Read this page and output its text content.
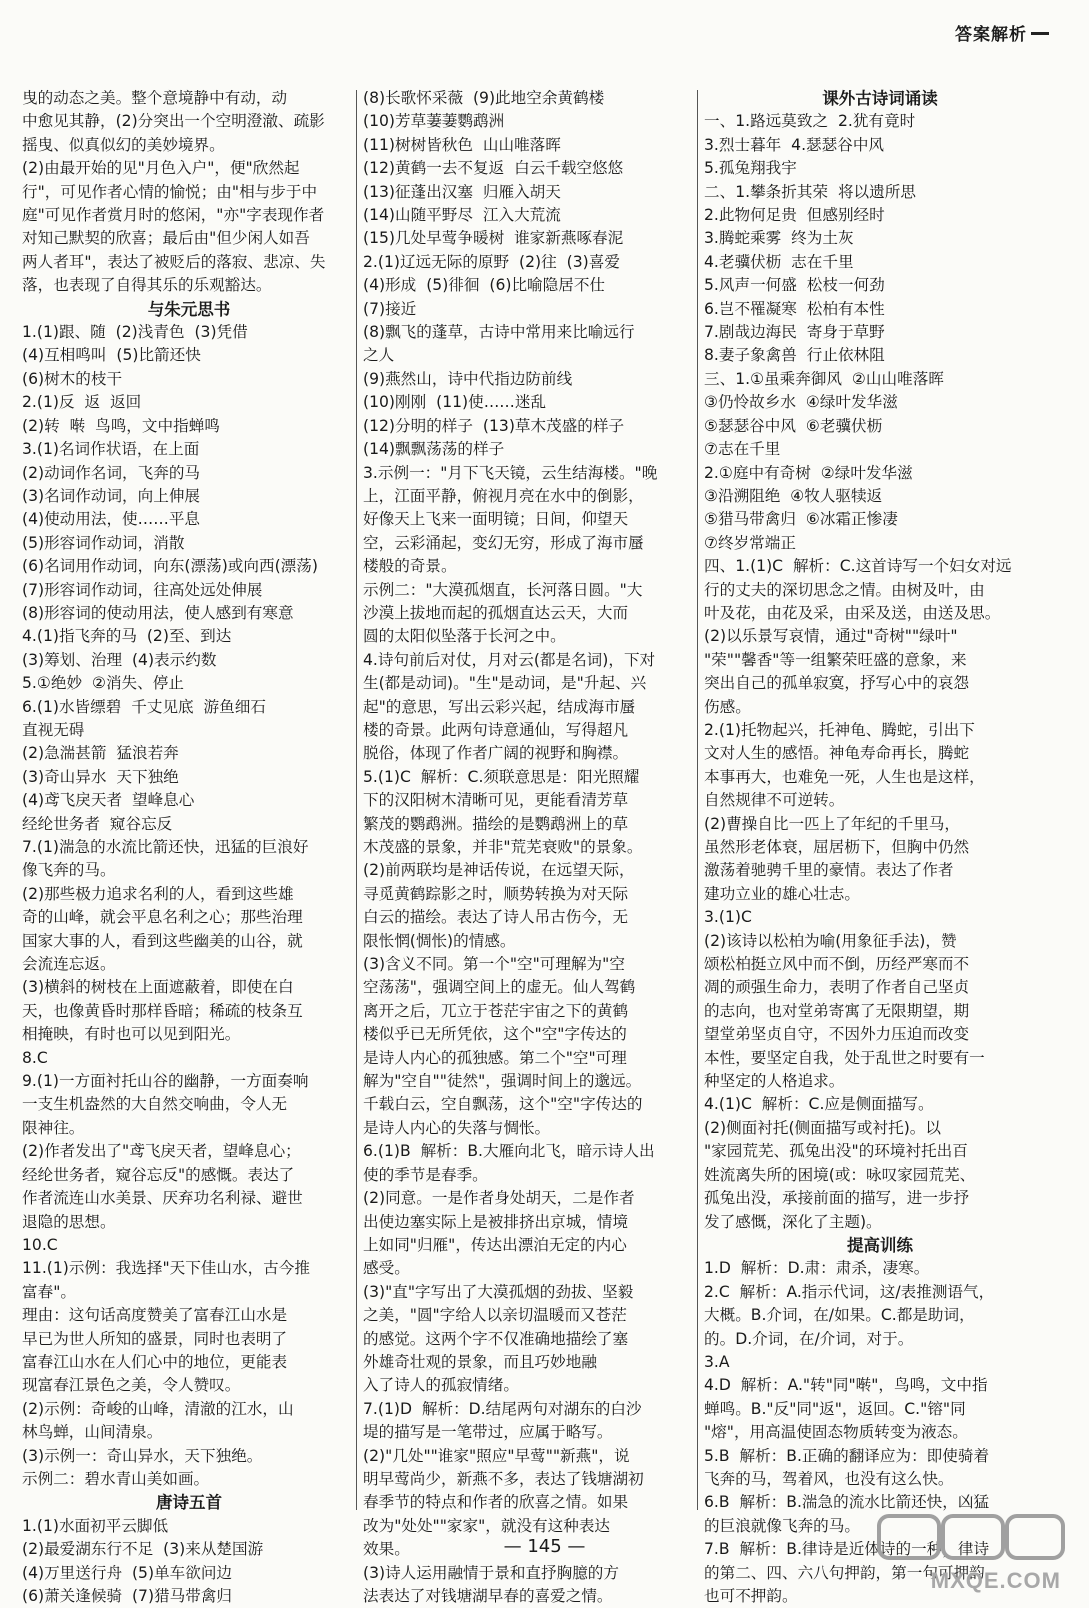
答案解析
曳的动态之美。整个意境静中有动，动
中愈见其静，(2)分突出一个空明澄澈、疏影
摇曳、似真似幻的美妙境界。
(2)由最开始的见"月色入户"，便"欣然起
行"，可见作者心情的愉悦；由"相与步于中
庭"可见作者赏月时的悠闲，"亦"字表现作者
对知己默契的欣喜；最后由"但少闲人如吾
两人者耳"，表达了被贬后的落寂、悲凉、失
落，也表现了自得其乐的乐观豁达。
与朱元思书
1.(1)跟、随  (2)浅青色  (3)凭借
(4)互相鸣叫  (5)比箭还快
(6)树木的枝干
2.(1)反  返  返回
(2)转  啭  鸟鸣，文中指蝉鸣
3.(1)名词作状语，在上面
(2)动词作名词，飞奔的马
(3)名词作动词，向上伸展
(4)使动用法，使……平息
(5)形容词作动词，消散
(6)名词用作动词，向东(漂荡)或向西(漂荡)
(7)形容词作动词，往高处远处伸展
(8)形容词的使动用法，使人感到有寒意
4.(1)指飞奔的马  (2)至、到达
(3)筹划、治理  (4)表示约数
5.①绝妙  ②消失、停止
6.(1)水皆缥碧  千丈见底  游鱼细石
直视无碍
(2)急湍甚箭  猛浪若奔
(3)奇山异水  天下独绝
(4)鸢飞戾天者  望峰息心
经纶世务者  窥谷忘反
7.(1)湍急的水流比箭还快，迅猛的巨浪好
像飞奔的马。
(2)那些极力追求名利的人，看到这些雄
奇的山峰，就会平息名利之心；那些治理
国家大事的人，看到这些幽美的山谷，就
会流连忘返。
(3)横斜的树枝在上面遮蔽着，即使在白
天，也像黄昏时那样昏暗；稀疏的枝条互
相掩映，有时也可以见到阳光。
8.C
9.(1)一方面衬托山谷的幽静，一方面奏响
一支生机盎然的大自然交响曲，令人无
限神往。
(2)作者发出了"鸢飞戾天者，望峰息心；
经纶世务者，窥谷忘反"的感慨。表达了
作者流连山水美景、厌弃功名利禄、避世
退隐的思想。
10.C
11.(1)示例：我选择"天下佳山水，古今推
富春"。
理由：这句话高度赞美了富春江山水是
早已为世人所知的盛景，同时也表明了
富春江山水在人们心中的地位，更能表
现富春江景色之美，令人赞叹。
(2)示例：奇峻的山峰，清澈的江水，山
林鸟蝉，山间清泉。
(3)示例一：奇山异水，天下独绝。
示例二：碧水青山美如画。
唐诗五首
1.(1)水面初平云脚低
(2)最爱湖东行不足  (3)来从楚国游
(4)万里送行舟  (5)单车欲问边
(6)萧关逢候骑  (7)猎马带禽归
(8)长歌怀采薇  (9)此地空余黄鹤楼
(10)芳草萋萋鹦鹉洲
(11)树树皆秋色  山山唯落晖
(12)黄鹤一去不复返  白云千载空悠悠
(13)征蓬出汉塞  归雁入胡天
(14)山随平野尽  江入大荒流
(15)几处早莺争暖树  谁家新燕啄春泥
2.(1)辽远无际的原野  (2)往  (3)喜爱
(4)形成  (5)徘徊  (6)比喻隐居不仕
(7)接近
(8)飘飞的蓬草，古诗中常用来比喻远行
之人
(9)燕然山，诗中代指边防前线
(10)刚刚  (11)使……迷乱
(12)分明的样子  (13)草木茂盛的样子
(14)飘飘荡荡的样子
3.示例一："月下飞天镜，云生结海楼。"晚
上，江面平静，俯视月亮在水中的倒影，
好像天上飞来一面明镜；日间，仰望天
空，云彩涌起，变幻无穷，形成了海市蜃
楼般的奇景。
示例二："大漠孤烟直，长河落日圆。"大
沙漠上拔地而起的孤烟直达云天，大而
圆的太阳似坠落于长河之中。
4.诗句前后对仗，月对云(都是名词)，下对
生(都是动词)。"生"是动词，是"升起、兴
起"的意思，写出云彩兴起，结成海市蜃
楼的奇景。此两句诗意通仙，写得超凡
脱俗，体现了作者广阔的视野和胸襟。
5.(1)C  解析：C.须联意思是：阳光照耀
下的汉阳树木清晰可见，更能看清芳草
繁茂的鹦鹉洲。描绘的是鹦鹉洲上的草
木茂盛的景象，并非"荒芜衰败"的景象。
(2)前两联均是神话传说，在远望天际，
寻觅黄鹤踪影之时，顺势转换为对天际
白云的描绘。表达了诗人吊古伤今，无
限怅惘(惆怅)的情感。
(3)含义不同。第一个"空"可理解为"空
空荡荡"，强调空间上的虚无。仙人驾鹤
离开之后，兀立于苍茫宇宙之下的黄鹤
楼似乎已无所凭依，这个"空"字传达的
是诗人内心的孤独感。第二个"空"可理
解为"空自""徒然"，强调时间上的邈远。
千载白云，空自飘荡，这个"空"字传达的
是诗人内心的失落与惆怅。
6.(1)B  解析：B.大雁向北飞，暗示诗人出
使的季节是春季。
(2)同意。一是作者身处胡天，二是作者
出使边塞实际上是被排挤出京城，情境
上如同"归雁"，传达出漂泊无定的内心
感受。
(3)"直"字写出了大漠孤烟的劲拔、坚毅
之美，"圆"字给人以亲切温暖而又苍茫
的感觉。这两个字不仅准确地描绘了塞
外雄奇壮观的景象，而且巧妙地融
入了诗人的孤寂情绪。
7.(1)D  解析：D.结尾两句对湖东的白沙
堤的描写是一笔带过，应属于略写。
(2)"几处""谁家"照应"早莺""新燕"，说
明早莺尚少，新燕不多，表达了钱塘湖初
春季节的特点和作者的欣喜之情。如果
改为"处处""家家"，就没有这种表达
效果。
(3)诗人运用融情于景和直抒胸臆的方
法表达了对钱塘湖早春的喜爱之情。
课外古诗词诵读
一、1.路远莫致之  2.犹有竟时
3.烈士暮年  4.瑟瑟谷中风
5.孤兔翔我宇
二、1.攀条折其荣  将以遗所思
2.此物何足贵  但感别经时
3.腾蛇乘雾  终为土灰
4.老骥伏枥  志在千里
5.风声一何盛  松枝一何劲
6.岂不罹凝寒  松柏有本性
7.剧哉边海民  寄身于草野
8.妻子象禽兽  行止依林阻
三、1.①虽乘奔御风  ②山山唯落晖
③仍怜故乡水  ④绿叶发华滋
⑤瑟瑟谷中风  ⑥老骥伏枥
⑦志在千里
2.①庭中有奇树  ②绿叶发华滋
③沿溯阻绝  ④牧人驱犊返
⑤猎马带禽归  ⑥冰霜正惨凄
⑦终岁常端正
四、1.(1)C  解析：C.这首诗写一个妇女对远
行的丈夫的深切思念之情。由树及叶，由
叶及花，由花及采，由采及送，由送及思。
(2)以乐景写哀情，通过"奇树""绿叶"
"荣""馨香"等一组繁荣旺盛的意象，来
突出自己的孤单寂寞，抒写心中的哀怨
伤感。
2.(1)托物起兴，托神龟、腾蛇，引出下
文对人生的感悟。神龟寿命再长，腾蛇
本事再大，也难免一死，人生也是这样，
自然规律不可逆转。
(2)曹操自比一匹上了年纪的千里马，
虽然形老体衰，屈居枥下，但胸中仍然
激荡着驰骋千里的豪情。表达了作者
建功立业的雄心壮志。
3.(1)C
(2)该诗以松柏为喻(用象征手法)，赞
颂松柏挺立风中而不倒，历经严寒而不
凋的顽强生命力，表明了作者自己坚贞
的志向，也对堂弟寄寓了无限期望，期
望堂弟坚贞自守，不因外力压迫而改变
本性，要坚定自我，处于乱世之时要有一
种坚定的人格追求。
4.(1)C  解析：C.应是侧面描写。
(2)侧面衬托(侧面描写或衬托)。以
"家园荒芜、孤兔出没"的环境衬托出百
姓流离失所的困境(或：咏叹家园荒芜、
孤兔出没，承接前面的描写，进一步抒
发了感慨，深化了主题)。
提高训练
1.D  解析：D.肃：肃杀，凄寒。
2.C  解析：A.指示代词，这/表推测语气，
大概。B.介词，在/如果。C.都是助词，
的。D.介词，在/介词，对于。
3.A
4.D  解析：A."转"同"啭"，鸟鸣，文中指
蝉鸣。B."反"同"返"，返回。C."镕"同
"熔"，用高温使固态物质转变为液态。
5.B  解析：B.正确的翻译应为：即使骑着
飞奔的马，驾着风，也没有这么快。
6.B  解析：B.湍急的流水比箭还快，凶猛
的巨浪就像飞奔的马。
7.B  解析：B.律诗是近体诗的一种，律诗
的第二、四、六八句押韵，第一句可押韵
也可不押韵。
— 145 —
MXQE.COM
